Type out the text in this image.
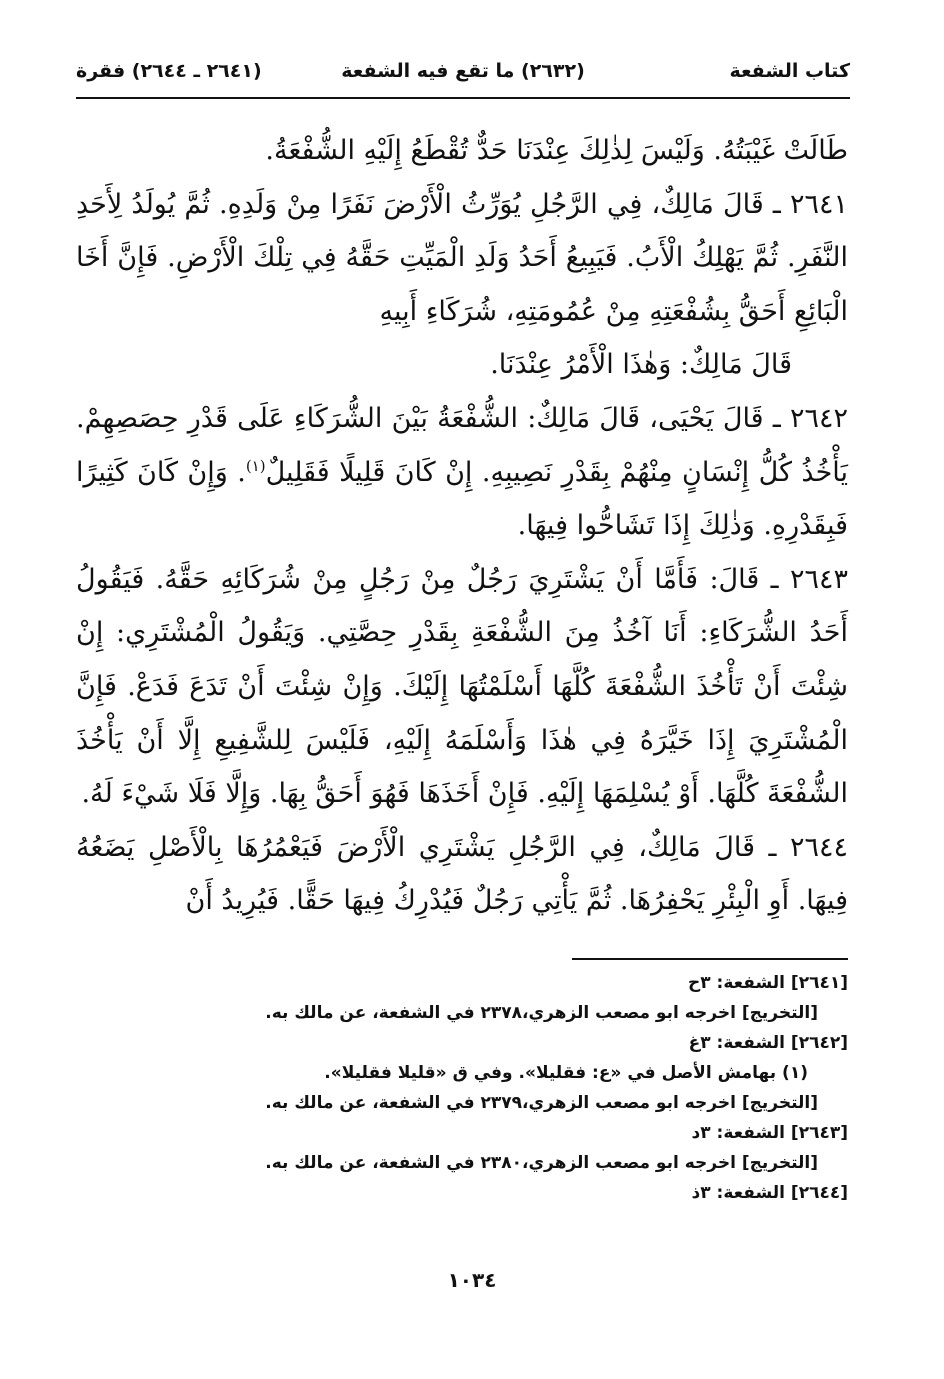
كتاب الشفعة
(٢٦٣٢) ما تقع فيه الشفعة
(٢٦٤١ ـ ٢٦٤٤) فقرة

طَالَتْ غَيْبَتُهُ. وَلَيْسَ لِذٰلِكَ عِنْدَنَا حَدٌّ تُقْطَعُ إِلَيْهِ الشُّفْعَةُ.

٢٦٤١ ـ قَالَ مَالِكٌ، فِي الرَّجُلِ يُوَرِّثُ الْأَرْضَ نَفَرًا مِنْ وَلَدِهِ. ثُمَّ يُولَدُ لِأَحَدِ النَّفَرِ. ثُمَّ يَهْلِكُ الْأَبُ. فَيَبِيعُ أَحَدُ وَلَدِ الْمَيِّتِ حَقَّهُ فِي تِلْكَ الْأَرْضِ. فَإِنَّ أَخَا الْبَائِعِ أَحَقُّ بِشُفْعَتِهِ مِنْ عُمُومَتِهِ، شُرَكَاءِ أَبِيهِ

قَالَ مَالِكٌ: وَهٰذَا الْأَمْرُ عِنْدَنَا.

٢٦٤٢ ـ قَالَ يَحْيَى، قَالَ مَالِكٌ: الشُّفْعَةُ بَيْنَ الشُّرَكَاءِ عَلَى قَدْرِ حِصَصِهِمْ. يَأْخُذُ كُلُّ إِنْسَانٍ مِنْهُمْ بِقَدْرِ نَصِيبِهِ. إِنْ كَانَ قَلِيلًا فَقَلِيلٌ$^{(١)}$. وَإِنْ كَانَ كَثِيرًا فَبِقَدْرِهِ. وَذٰلِكَ إِذَا تَشَاحُّوا فِيهَا.

٢٦٤٣ ـ قَالَ: فَأَمَّا أَنْ يَشْتَرِيَ رَجُلٌ مِنْ رَجُلٍ مِنْ شُرَكَائِهِ حَقَّهُ. فَيَقُولُ أَحَدُ الشُّرَكَاءِ: أَنَا آخُذُ مِنَ الشُّفْعَةِ بِقَدْرِ حِصَّتِي. وَيَقُولُ الْمُشْتَرِي: إِنْ شِئْتَ أَنْ تَأْخُذَ الشُّفْعَةَ كُلَّهَا أَسْلَمْتُهَا إِلَيْكَ. وَإِنْ شِئْتَ أَنْ تَدَعَ فَدَعْ. فَإِنَّ الْمُشْتَرِيَ إِذَا خَيَّرَهُ فِي هٰذَا وَأَسْلَمَهُ إِلَيْهِ، فَلَيْسَ لِلشَّفِيعِ إِلَّا أَنْ يَأْخُذَ الشُّفْعَةَ كُلَّهَا. أَوْ يُسْلِمَهَا إِلَيْهِ. فَإِنْ أَخَذَهَا فَهُوَ أَحَقُّ بِهَا. وَإِلَّا فَلَا شَيْءَ لَهُ.

٢٦٤٤ ـ قَالَ مَالِكٌ، فِي الرَّجُلِ يَشْتَرِي الْأَرْضَ فَيَعْمُرُهَا بِالْأَصْلِ يَضَعُهُ فِيهَا. أَوِ الْبِئْرِ يَحْفِرُهَا. ثُمَّ يَأْتِي رَجُلٌ فَيُدْرِكُ فِيهَا حَقًّا. فَيُرِيدُ أَنْ

[٢٦٤١] الشفعة: ٣ح
[التخريج] اخرجه ابو مصعب الزهري،٢٣٧٨ في الشفعة، عن مالك به.
[٢٦٤٢] الشفعة: ٣غ
(١) بهامش الأصل في «ع: فقليلا». وفي ق «قليلا فقليلا».
[التخريج] اخرجه ابو مصعب الزهري،٢٣٧٩ في الشفعة، عن مالك به.
[٢٦٤٣] الشفعة: ٣د
[التخريج] اخرجه ابو مصعب الزهري،٢٣٨٠ في الشفعة، عن مالك به.
[٢٦٤٤] الشفعة: ٣ذ
١٠٣٤
